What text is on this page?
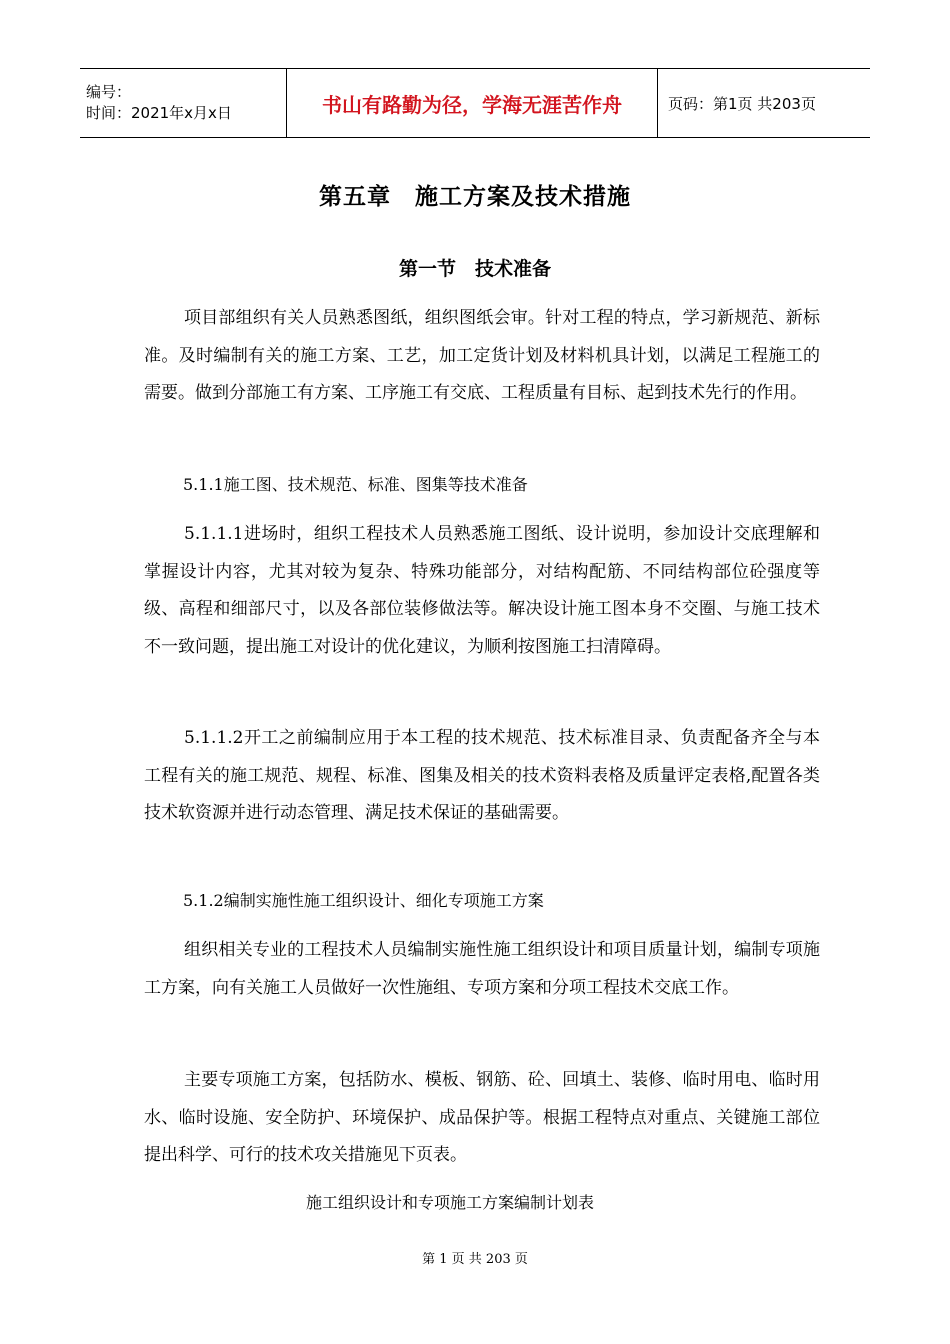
编号：
时间：2021年x月x日	书山有路勤为径，学海无涯苦作舟	页码：第1页 共203页
第五章　施工方案及技术措施
第一节　技术准备

项目部组织有关人员熟悉图纸，组织图纸会审。针对工程的特点，学习新规范、新标准。及时编制有关的施工方案、工艺，加工定货计划及材料机具计划，以满足工程施工的需要。做到分部施工有方案、工序施工有交底、工程质量有目标、起到技术先行的作用。

5.1.1施工图、技术规范、标准、图集等技术准备

5.1.1.1进场时，组织工程技术人员熟悉施工图纸、设计说明，参加设计交底理解和掌握设计内容，尤其对较为复杂、特殊功能部分，对结构配筋、不同结构部位砼强度等级、高程和细部尺寸，以及各部位装修做法等。解决设计施工图本身不交圈、与施工技术不一致问题，提出施工对设计的优化建议，为顺利按图施工扫清障碍。

5.1.1.2开工之前编制应用于本工程的技术规范、技术标准目录、负责配备齐全与本工程有关的施工规范、规程、标准、图集及相关的技术资料表格及质量评定表格,配置各类技术软资源并进行动态管理、满足技术保证的基础需要。

5.1.2编制实施性施工组织设计、细化专项施工方案

组织相关专业的工程技术人员编制实施性施工组织设计和项目质量计划，编制专项施工方案，向有关施工人员做好一次性施组、专项方案和分项工程技术交底工作。

主要专项施工方案，包括防水、模板、钢筋、砼、回填土、装修、临时用电、临时用水、临时设施、安全防护、环境保护、成品保护等。根据工程特点对重点、关键施工部位提出科学、可行的技术攻关措施见下页表。

施工组织设计和专项施工方案编制计划表
第 1 页 共 203 页
